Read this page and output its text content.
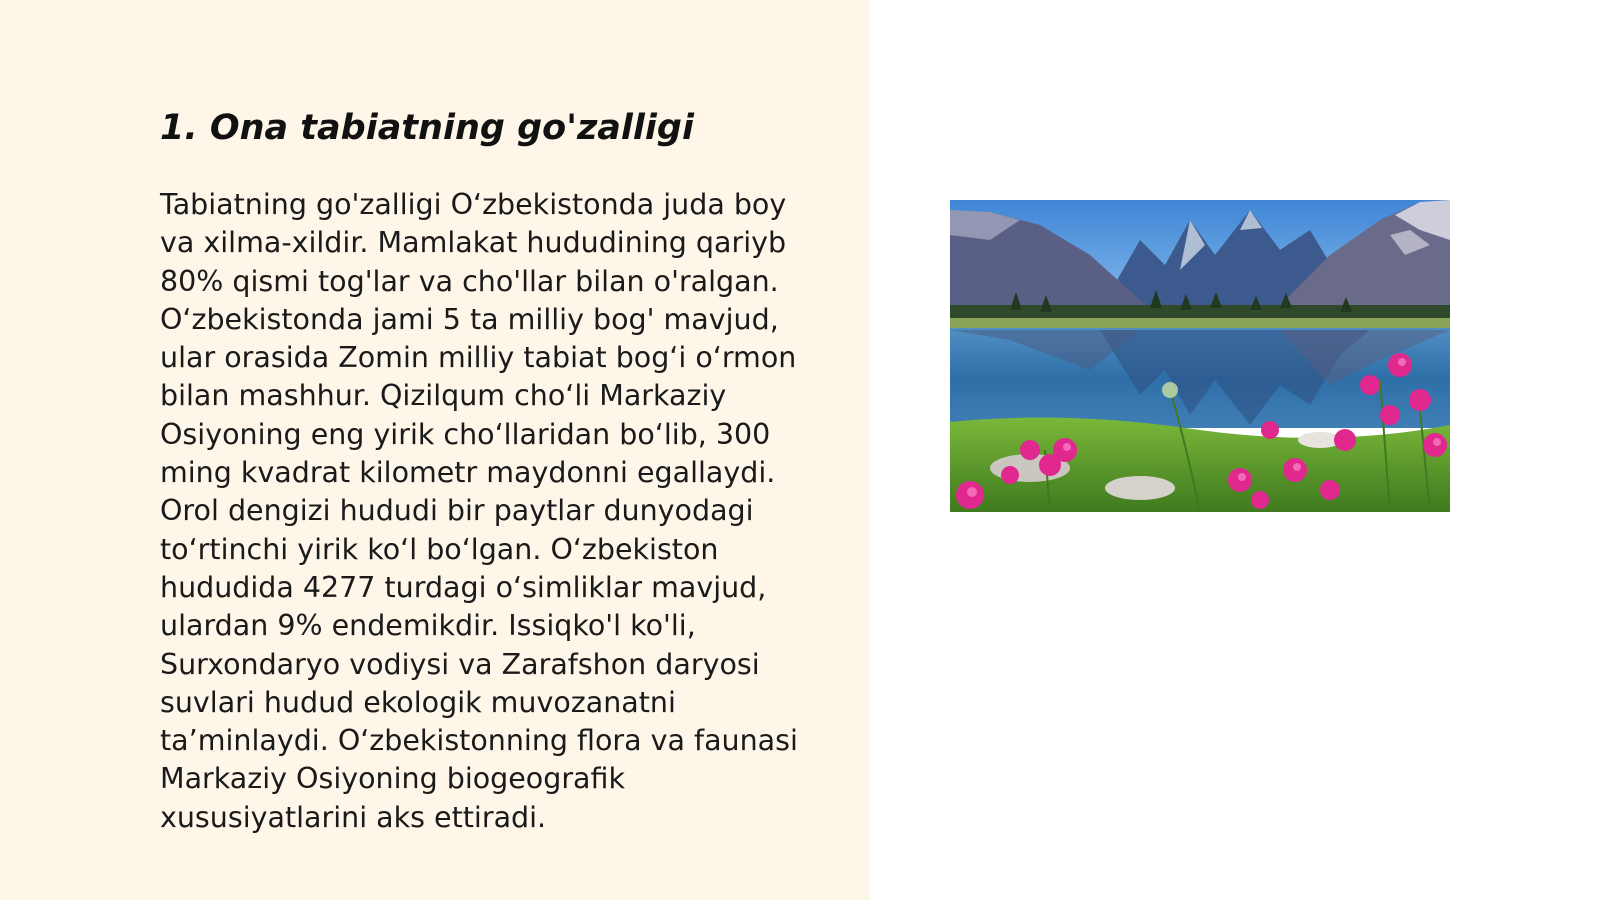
1. Ona tabiatning go'zalligi
Tabiatning go'zalligi O‘zbekistonda juda boy
va xilma-xildir. Mamlakat hududining qariyb
80% qismi tog'lar va cho'llar bilan o'ralgan.
O‘zbekistonda jami 5 ta milliy bog' mavjud,
ular orasida Zomin milliy tabiat bog‘i o‘rmon
bilan mashhur. Qizilqum cho‘li Markaziy
Osiyoning eng yirik cho‘llaridan bo‘lib, 300
ming kvadrat kilometr maydonni egallaydi.
Orol dengizi hududi bir paytlar dunyodagi
to‘rtinchi yirik ko‘l bo‘lgan. O‘zbekiston
hududida 4277 turdagi o‘simliklar mavjud,
ulardan 9% endemikdir. Issiqko'l ko'li,
Surxondaryo vodiysi va Zarafshon daryosi
suvlari hudud ekologik muvozanatni
ta’minlaydi. O‘zbekistonning flora va faunasi
Markaziy Osiyoning biogeografik
xususiyatlarini aks ettiradi.
